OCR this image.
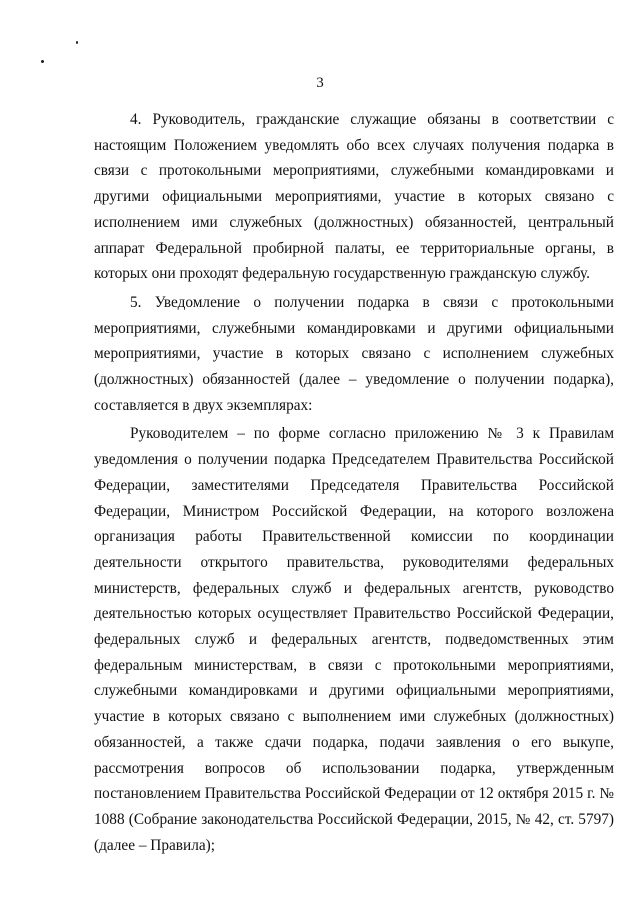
3

4. Руководитель, гражданские служащие обязаны в соответствии с настоящим Положением уведомлять обо всех случаях получения подарка в связи с протокольными мероприятиями, служебными командировками и другими официальными мероприятиями, участие в которых связано с исполнением ими служебных (должностных) обязанностей, центральный аппарат Федеральной пробирной палаты, ее территориальные органы, в которых они проходят федеральную государственную гражданскую службу.

5. Уведомление о получении подарка в связи с протокольными мероприятиями, служебными командировками и другими официальными мероприятиями, участие в которых связано с исполнением служебных (должностных) обязанностей (далее – уведомление о получении подарка), составляется в двух экземплярах:

Руководителем – по форме согласно приложению № 3 к Правилам уведомления о получении подарка Председателем Правительства Российской Федерации, заместителями Председателя Правительства Российской Федерации, Министром Российской Федерации, на которого возложена организация работы Правительственной комиссии по координации деятельности открытого правительства, руководителями федеральных министерств, федеральных служб и федеральных агентств, руководство деятельностью которых осуществляет Правительство Российской Федерации, федеральных служб и федеральных агентств, подведомственных этим федеральным министерствам, в связи с протокольными мероприятиями, служебными командировками и другими официальными мероприятиями, участие в которых связано с выполнением ими служебных (должностных) обязанностей, а также сдачи подарка, подачи заявления о его выкупе, рассмотрения вопросов об использовании подарка, утвержденным постановлением Правительства Российской Федерации от 12 октября 2015 г. № 1088 (Собрание законодательства Российской Федерации, 2015, № 42, ст. 5797) (далее – Правила);
